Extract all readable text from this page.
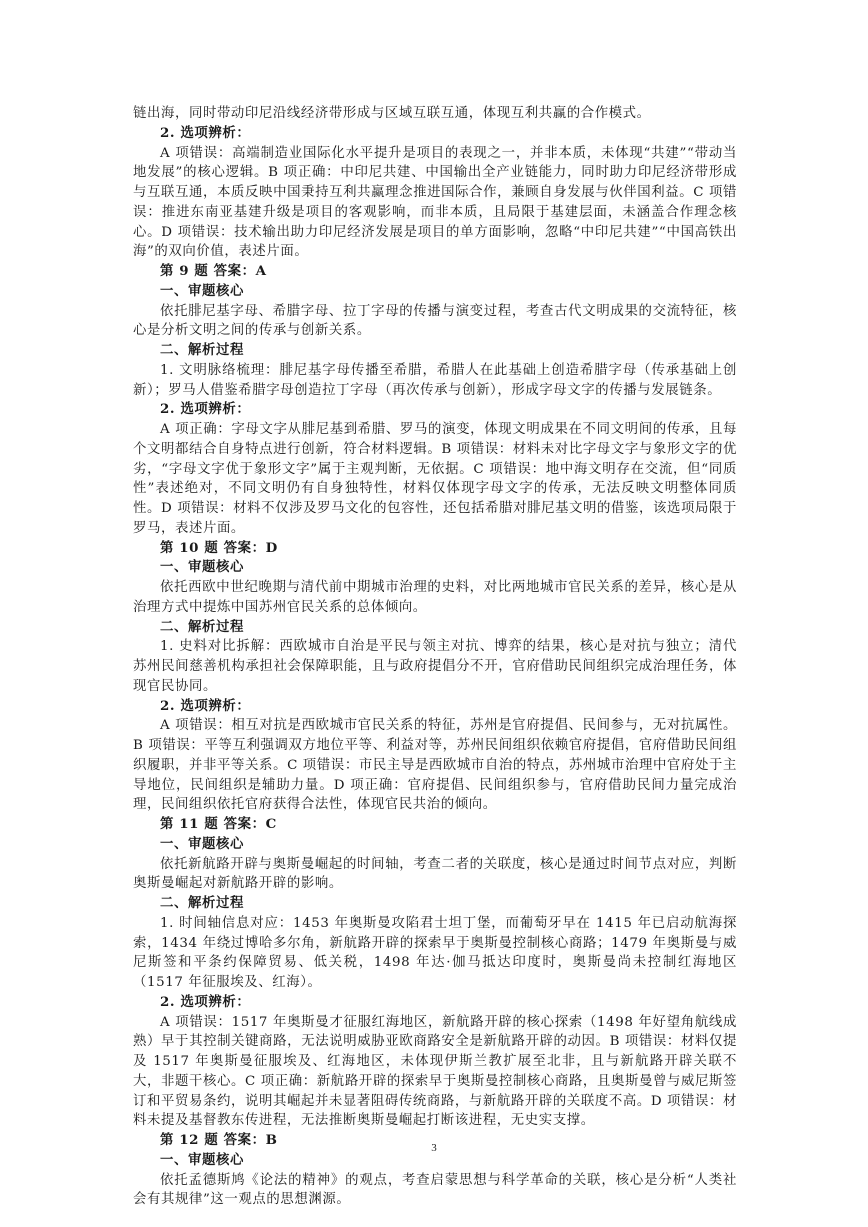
链出海，同时带动印尼沿线经济带形成与区域互联互通，体现互利共赢的合作模式。

2. 选项辨析：

A 项错误：高端制造业国际化水平提升是项目的表现之一，并非本质，未体现“共建”“带动当地发展”的核心逻辑。B 项正确：中印尼共建、中国输出全产业链能力，同时助力印尼经济带形成与互联互通，本质反映中国秉持互利共赢理念推进国际合作，兼顾自身发展与伙伴国利益。C 项错误：推进东南亚基建升级是项目的客观影响，而非本质，且局限于基建层面，未涵盖合作理念核心。D 项错误：技术输出助力印尼经济发展是项目的单方面影响，忽略“中印尼共建”“中国高铁出海”的双向价值，表述片面。

第 9 题 答案：A

一、审题核心

依托腓尼基字母、希腊字母、拉丁字母的传播与演变过程，考查古代文明成果的交流特征，核心是分析文明之间的传承与创新关系。

二、解析过程

1. 文明脉络梳理：腓尼基字母传播至希腊，希腊人在此基础上创造希腊字母（传承基础上创新）；罗马人借鉴希腊字母创造拉丁字母（再次传承与创新），形成字母文字的传播与发展链条。

2. 选项辨析：

A 项正确：字母文字从腓尼基到希腊、罗马的演变，体现文明成果在不同文明间的传承，且每个文明都结合自身特点进行创新，符合材料逻辑。B 项错误：材料未对比字母文字与象形文字的优劣，“字母文字优于象形文字”属于主观判断，无依据。C 项错误：地中海文明存在交流，但“同质性”表述绝对，不同文明仍有自身独特性，材料仅体现字母文字的传承，无法反映文明整体同质性。D 项错误：材料不仅涉及罗马文化的包容性，还包括希腊对腓尼基文明的借鉴，该选项局限于罗马，表述片面。

第 10 题 答案：D

一、审题核心

依托西欧中世纪晚期与清代前中期城市治理的史料，对比两地城市官民关系的差异，核心是从治理方式中提炼中国苏州官民关系的总体倾向。

二、解析过程

1. 史料对比拆解：西欧城市自治是平民与领主对抗、博弈的结果，核心是对抗与独立；清代苏州民间慈善机构承担社会保障职能，且与政府提倡分不开，官府借助民间组织完成治理任务，体现官民协同。

2. 选项辨析：

A 项错误：相互对抗是西欧城市官民关系的特征，苏州是官府提倡、民间参与，无对抗属性。B 项错误：平等互利强调双方地位平等、利益对等，苏州民间组织依赖官府提倡，官府借助民间组织履职，并非平等关系。C 项错误：市民主导是西欧城市自治的特点，苏州城市治理中官府处于主导地位，民间组织是辅助力量。D 项正确：官府提倡、民间组织参与，官府借助民间力量完成治理，民间组织依托官府获得合法性，体现官民共治的倾向。

第 11 题 答案：C

一、审题核心

依托新航路开辟与奥斯曼崛起的时间轴，考查二者的关联度，核心是通过时间节点对应，判断奥斯曼崛起对新航路开辟的影响。

二、解析过程

1. 时间轴信息对应：1453 年奥斯曼攻陷君士坦丁堡，而葡萄牙早在 1415 年已启动航海探索，1434 年绕过博哈多尔角，新航路开辟的探索早于奥斯曼控制核心商路；1479 年奥斯曼与威尼斯签和平条约保障贸易、低关税，1498 年达·伽马抵达印度时，奥斯曼尚未控制红海地区（1517 年征服埃及、红海）。

2. 选项辨析：

A 项错误：1517 年奥斯曼才征服红海地区，新航路开辟的核心探索（1498 年好望角航线成熟）早于其控制关键商路，无法说明威胁亚欧商路安全是新航路开辟的动因。B 项错误：材料仅提及 1517 年奥斯曼征服埃及、红海地区，未体现伊斯兰教扩展至北非，且与新航路开辟关联不大，非题干核心。C 项正确：新航路开辟的探索早于奥斯曼控制核心商路，且奥斯曼曾与威尼斯签订和平贸易条约，说明其崛起并未显著阻碍传统商路，与新航路开辟的关联度不高。D 项错误：材料未提及基督教东传进程，无法推断奥斯曼崛起打断该进程，无史实支撑。

第 12 题 答案：B

一、审题核心

依托孟德斯鸠《论法的精神》的观点，考查启蒙思想与科学革命的关联，核心是分析“人类社会有其规律”这一观点的思想渊源。

3
